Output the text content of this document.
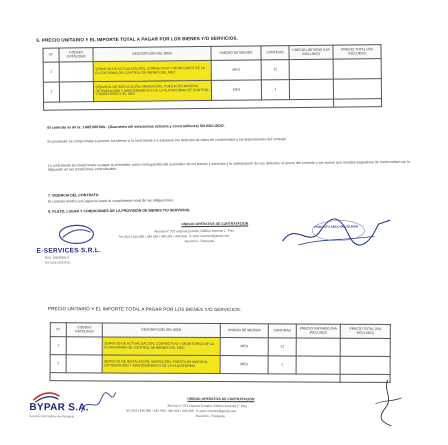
6. PRECIO UNITARIO Y EL IMPORTE TOTAL A PAGAR POR LOS BIENES Y/O SERVICIOS.
N°	CÓDIGO CATÁLOGO	DESCRIPCIÓN DEL BIEN	UNIDAD DE MEDIDA	CANTIDAD	PRECIO UNITARIO (IVA INCLUIDO)	PRECIO TOTAL (IVA INCLUIDO)
1		SERVICIO DE ACTUALIZACIÓN, CORRECTIVO Y MONITOREO DE LA PLATAFORMA DE CONTROL DE BIENES DEL MEC	MES	12		
2		SERVICIO DE INSTALACIÓN, MIGRACIÓN, PUESTA EN MARCHA, OPTIMIZACIÓN Y MANTENIMIENTO DE LA PLATAFORMA DE CONTROL Y MONITOREO DEL MEC	MES	1		

El contrato es de G. 1.685.000.000.- (Guaraníes mil seiscientos ochenta y cinco millones) IVA INCLUIDO.
El proveedor se compromete a proveer los bienes a la contratante y a subsanar los defectos de estos de conformidad a las disposiciones del contrato.
La contratante se compromete a pagar al proveedor como contrapartida del suministro de los bienes y servicios y la subsanación de sus defectos, el precio del contrato o las sumas que resulten pagaderas de conformidad con lo dispuesto en las condiciones contractuales.
7. VIGENCIA DEL CONTRATO.
El contrato tendrá una vigencia hasta el cumplimiento total de las obligaciones.
8. PLAZO, LUGAR Y CONDICIONES DE LA PROVISIÓN DE BIENES Y/O SERVICIOS.
UNIDAD OPERATIVA DE CONTRATACIÓN
Abente N° 373 esquina Estrella, Edificio Imperial 1° Piso
Tel: (021) 440.990 / 440.992 / 440.991 / 440.996 - E-mail: uocmec@gmail.com
Asunción - Paraguay
E-SERVICES S.R.L.
RUC: 80048911-9
Tel: (021) 815 816
RODOLFO ANCOVA COLMAN
PRECIO UNITARIO Y EL IMPORTE TOTAL A PAGAR POR LOS BIENES Y/O SERVICIOS.
N°	CÓDIGO CATÁLOGO	DESCRIPCIÓN DEL BIEN	UNIDAD DE MEDIDA	CANTIDAD	PRECIO UNITARIO (IVA INCLUIDO)	PRECIO TOTAL (IVA INCLUIDO)
1		SERVICIO DE ACTUALIZACIÓN, CORRECTIVO Y MONITOREO DE LA PLATAFORMA DE CONTROL DE BIENES DEL MEC	MES	12		
2		SERVICIO DE INSTALACIÓN, MIGRACIÓN, PUESTA EN MARCHA, OPTIMIZACIÓN Y MANTENIMIENTO DE LA PLATAFORMA	MES	1		

BYPAR S.A.
Servicios Informáticos del Paraguay
UNIDAD OPERATIVA DE CONTRATACIÓN
Abente N° 373 esquina Estrella, Edificio Imperial 1° Piso
Tel: (021) 440.990 / 440.992 / 440.991 / 440.996 - E-mail: uocmec@gmail.com
Asunción - Paraguay
